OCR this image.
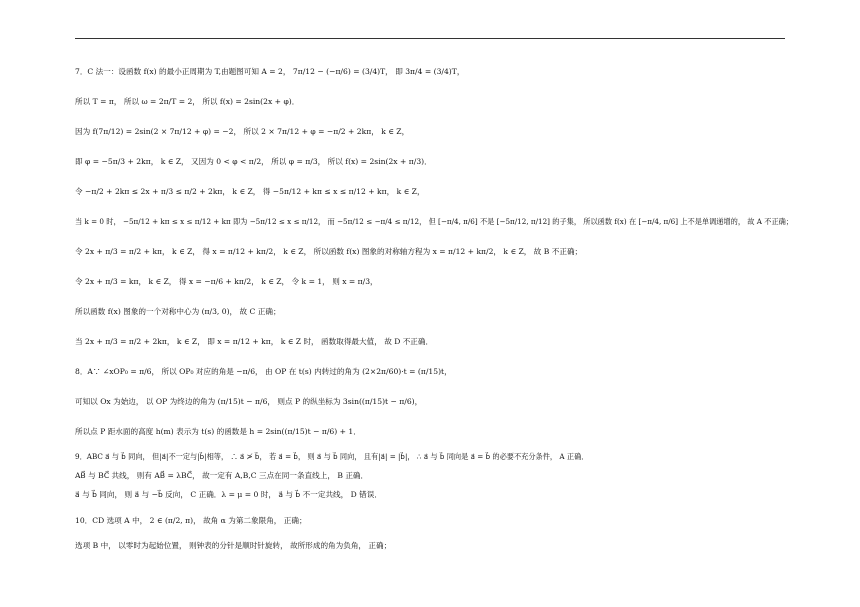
7．C 法一：设函数 f(x) 的最小正周期为 T,由题图可知 A = 2， 7π/12 − (−π/6) = (3/4)T， 即 3π/4 = (3/4)T，
所以 T = π， 所以 ω = 2π/T = 2， 所以 f(x) = 2sin(2x + φ)．
因为 f(7π/12) = 2sin(2 × 7π/12 + φ) = −2， 所以 2 × 7π/12 + φ = −π/2 + 2kπ， k ∈ Z，
即 φ = −5π/3 + 2kπ， k ∈ Z， 又因为 0 < φ < π/2， 所以 φ = π/3， 所以 f(x) = 2sin(2x + π/3)．
令 −π/2 + 2kπ ≤ 2x + π/3 ≤ π/2 + 2kπ， k ∈ Z， 得 −5π/12 + kπ ≤ x ≤ π/12 + kπ， k ∈ Z，
当 k = 0 时， −5π/12 + kπ ≤ x ≤ π/12 + kπ 即为 −5π/12 ≤ x ≤ π/12， 而 −5π/12 ≤ −π/4 ≤ π/12， 但 [−π/4, π/6] 不是 [−5π/12, π/12] 的子集， 所以函数 f(x) 在 [−π/4, π/6] 上不是单调递增的， 故 A 不正确；
令 2x + π/3 = π/2 + kπ， k ∈ Z， 得 x = π/12 + kπ/2， k ∈ Z， 所以函数 f(x) 图象的对称轴方程为 x = π/12 + kπ/2， k ∈ Z， 故 B 不正确；
令 2x + π/3 = kπ， k ∈ Z， 得 x = −π/6 + kπ/2， k ∈ Z， 令 k = 1， 则 x = π/3，
所以函数 f(x) 图象的一个对称中心为 (π/3, 0)， 故 C 正确；
当 2x + π/3 = π/2 + 2kπ， k ∈ Z， 即 x = π/12 + kπ， k ∈ Z 时， 函数取得最大值， 故 D 不正确．
8．A∵ ∠xOP₀ = π/6， 所以 OP₀ 对应的角是 −π/6， 由 OP 在 t(s) 内转过的角为 (2×2π/60)·t = (π/15)t，
可知以 Ox 为始边， 以 OP 为终边的角为 (π/15)t − π/6， 则点 P 的纵坐标为 3sin((π/15)t − π/6)，
所以点 P 距水面的高度 h(m) 表示为 t(s) 的函数是 h = 2sin((π/15)t − π/6) + 1．
9．ABC a⃗ 与 b⃗ 同向， 但|a⃗|不一定与|b⃗|相等， ∴ a⃗ ≯ b⃗， 若 a⃗ = b⃗， 则 a⃗ 与 b⃗ 同向， 且有|a⃗| = |b⃗|， ∴ a⃗ 与 b⃗ 同向是 a⃗ = b⃗ 的必要不充分条件， A 正确．
AB⃗ 与 BC⃗ 共线， 则有 AB⃗ = λBC⃗， 故一定有 A,B,C 三点在同一条直线上， B 正确．
a⃗ 与 b⃗ 同向， 则 a⃗ 与 −b⃗ 反向， C 正确．λ = μ = 0 时， a⃗ 与 b⃗ 不一定共线， D 错误．
10．CD 选项 A 中， 2 ∈ (π/2, π)， 故角 α 为第二象限角， 正确；
选项 B 中， 以零时为起始位置， 则钟表的分针是顺时针旋转， 故所形成的角为负角， 正确；
